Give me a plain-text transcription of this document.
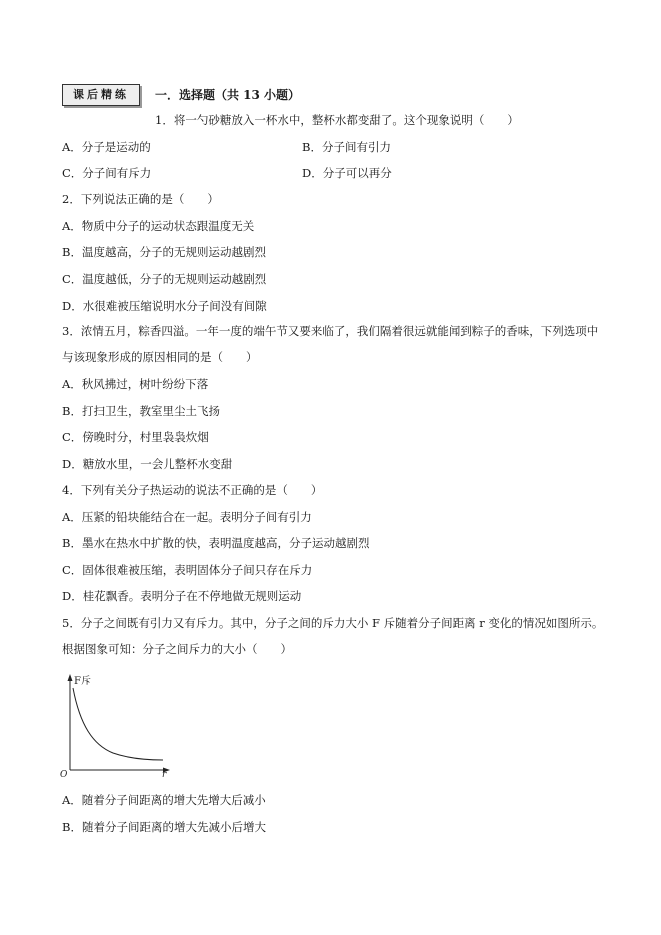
课后精练	一．选择题（共 13 小题）
1．将一勺砂糖放入一杯水中，整杯水都变甜了。这个现象说明（　　）
A．分子是运动的	B．分子间有引力
C．分子间有斥力	D．分子可以再分
2．下列说法正确的是（　　）
A．物质中分子的运动状态跟温度无关
B．温度越高，分子的无规则运动越剧烈
C．温度越低，分子的无规则运动越剧烈
D．水很难被压缩说明水分子间没有间隙
3．浓情五月，粽香四溢。一年一度的端午节又要来临了，我们隔着很远就能闻到粽子的香味，下列选项中
与该现象形成的原因相同的是（　　）
A．秋风拂过，树叶纷纷下落
B．打扫卫生，教室里尘土飞扬
C．傍晚时分，村里袅袅炊烟
D．糖放水里，一会儿整杯水变甜
4．下列有关分子热运动的说法不正确的是（　　）
A．压紧的铅块能结合在一起。表明分子间有引力
B．墨水在热水中扩散的快，表明温度越高，分子运动越剧烈
C．固体很难被压缩，表明固体分子间只存在斥力
D．桂花飘香。表明分子在不停地做无规则运动
5．分子之间既有引力又有斥力。其中，分子之间的斥力大小 F 斥随着分子间距离 r 变化的情况如图所示。
根据图象可知：分子之间斥力的大小（　　）
F斥
r
O
A．随着分子间距离的增大先增大后减小
B．随着分子间距离的增大先减小后增大
